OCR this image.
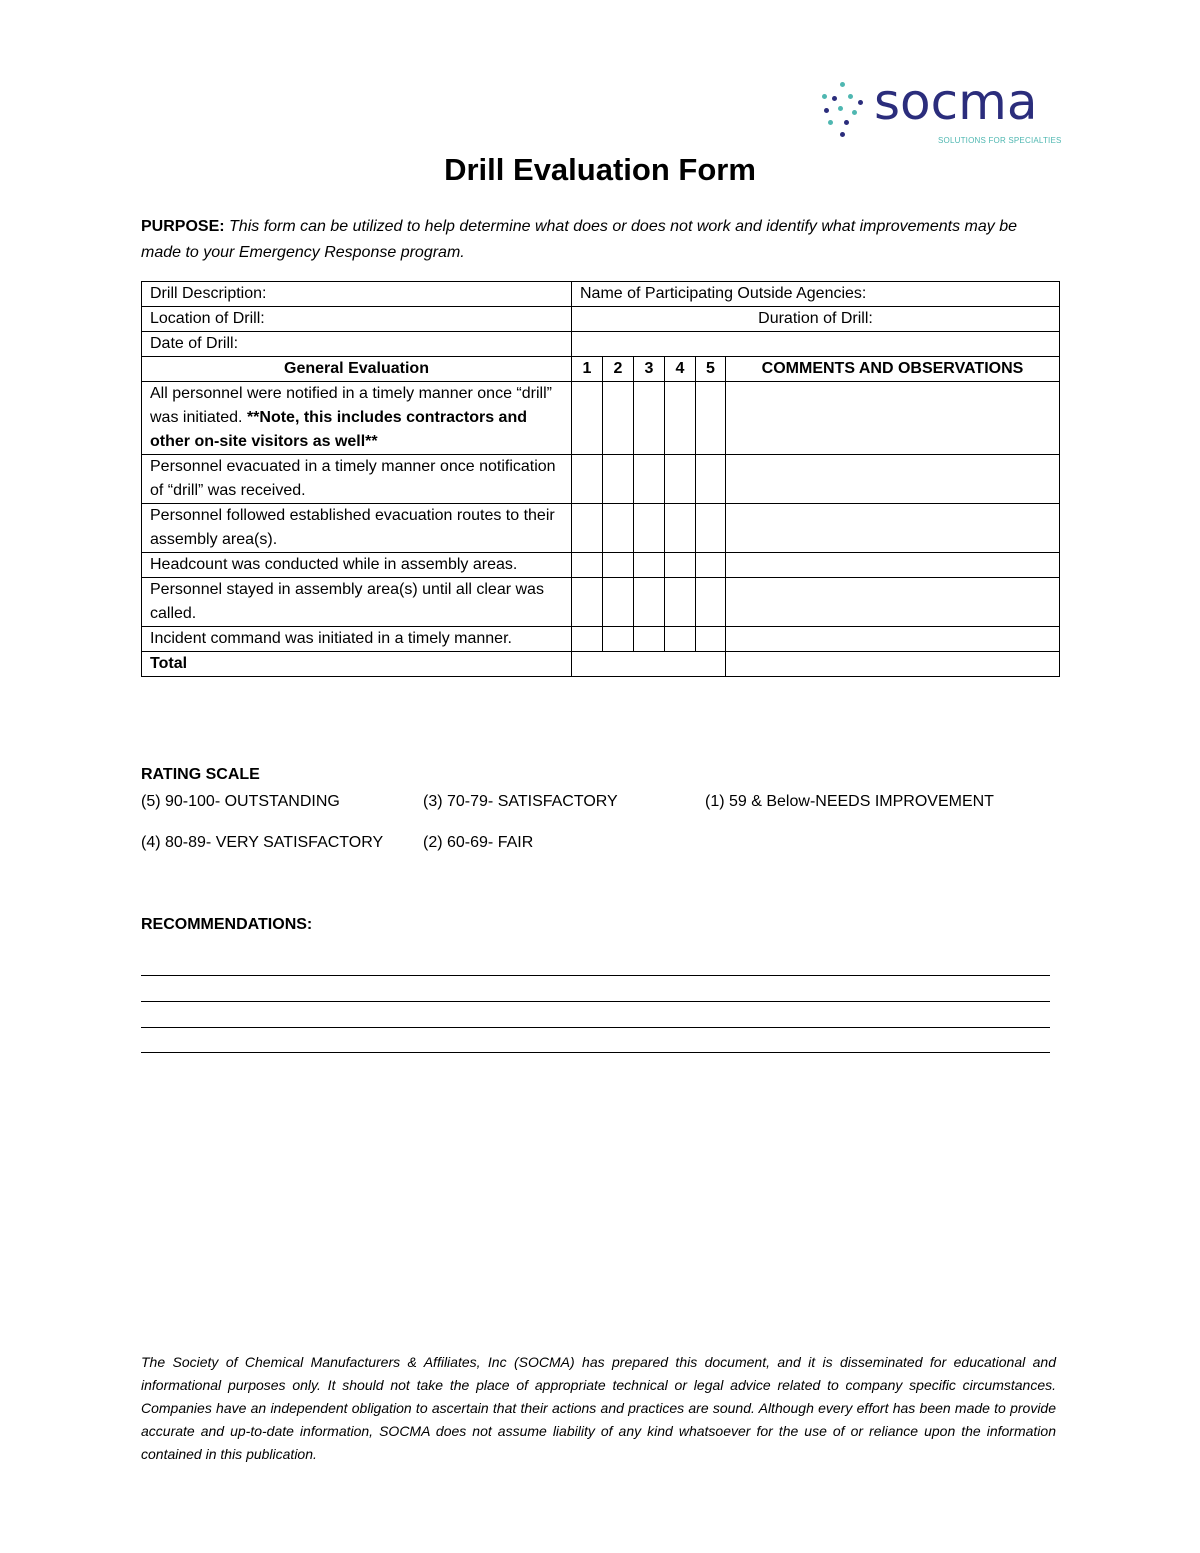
socma
SOLUTIONS FOR SPECIALTIES
Drill Evaluation Form
PURPOSE: This form can be utilized to help determine what does or does not work and identify what improvements may be made to your Emergency Response program.
Drill Description:	Name of Participating Outside Agencies:					
Location of Drill:	Duration of Drill:					
Date of Drill:						
General Evaluation	1	2	3	4	5	COMMENTS AND OBSERVATIONS
All personnel were notified in a timely manner once “drill” was initiated. **Note, this includes contractors and other on-site visitors as well**						
Personnel evacuated in a timely manner once notification of “drill” was received.						
Personnel followed established evacuation routes to their assembly area(s).						
Headcount was conducted while in assembly areas.						
Personnel stayed in assembly area(s) until all clear was called.						
Incident command was initiated in a timely manner.						
Total						
RATING SCALE
(5) 90-100- OUTSTANDING	(3) 70-79- SATISFACTORY	(1) 59 & Below-NEEDS IMPROVEMENT
(4) 80-89- VERY SATISFACTORY (2) 60-69- FAIR
RECOMMENDATIONS:
The Society of Chemical Manufacturers & Affiliates, Inc (SOCMA) has prepared this document, and it is disseminated for educational and informational purposes only. It should not take the place of appropriate technical or legal advice related to company specific circumstances. Companies have an independent obligation to ascertain that their actions and practices are sound. Although every effort has been made to provide accurate and up-to-date information, SOCMA does not assume liability of any kind whatsoever for the use of or reliance upon the information contained in this publication.
